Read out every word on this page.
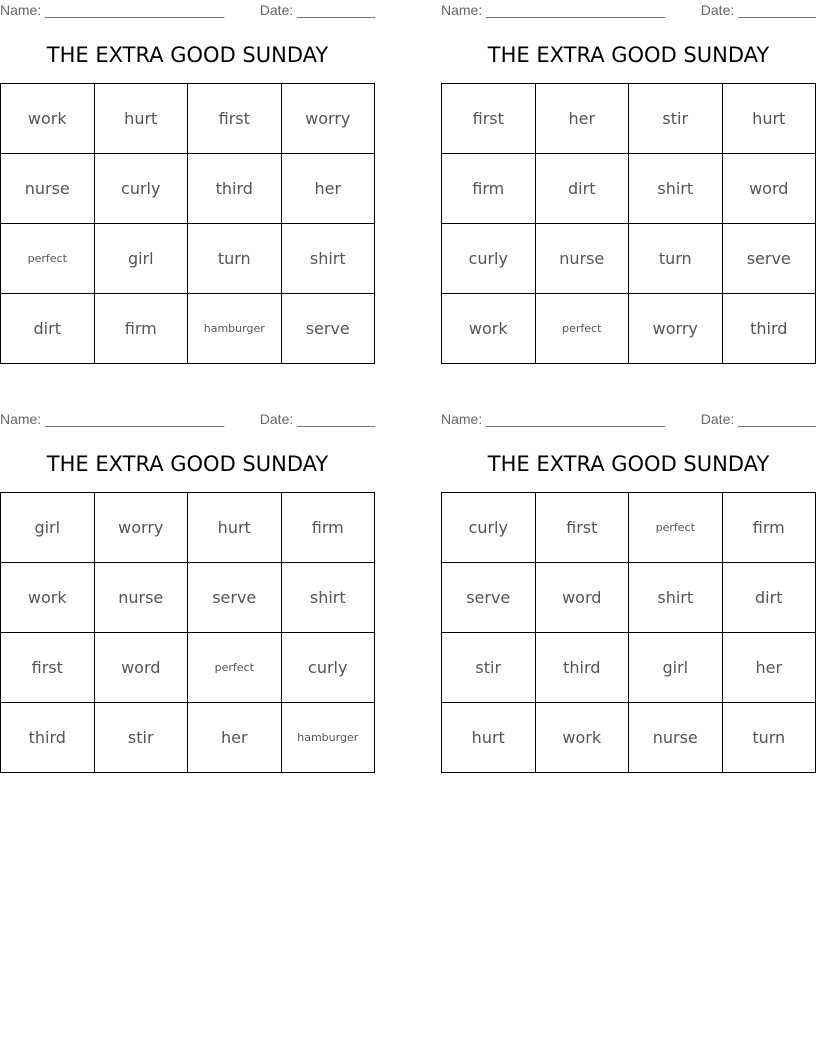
Name: _______________________	Date: __________
THE EXTRA GOOD SUNDAY
work	hurt	first	worry
nurse	curly	third	her
perfect	girl	turn	shirt
dirt	firm	hamburger	serve
Name: _______________________	Date: __________
THE EXTRA GOOD SUNDAY
first	her	stir	hurt
firm	dirt	shirt	word
curly	nurse	turn	serve
work	perfect	worry	third
Name: _______________________	Date: __________
THE EXTRA GOOD SUNDAY
girl	worry	hurt	firm
work	nurse	serve	shirt
first	word	perfect	curly
third	stir	her	hamburger
Name: _______________________	Date: __________
THE EXTRA GOOD SUNDAY
curly	first	perfect	firm
serve	word	shirt	dirt
stir	third	girl	her
hurt	work	nurse	turn
